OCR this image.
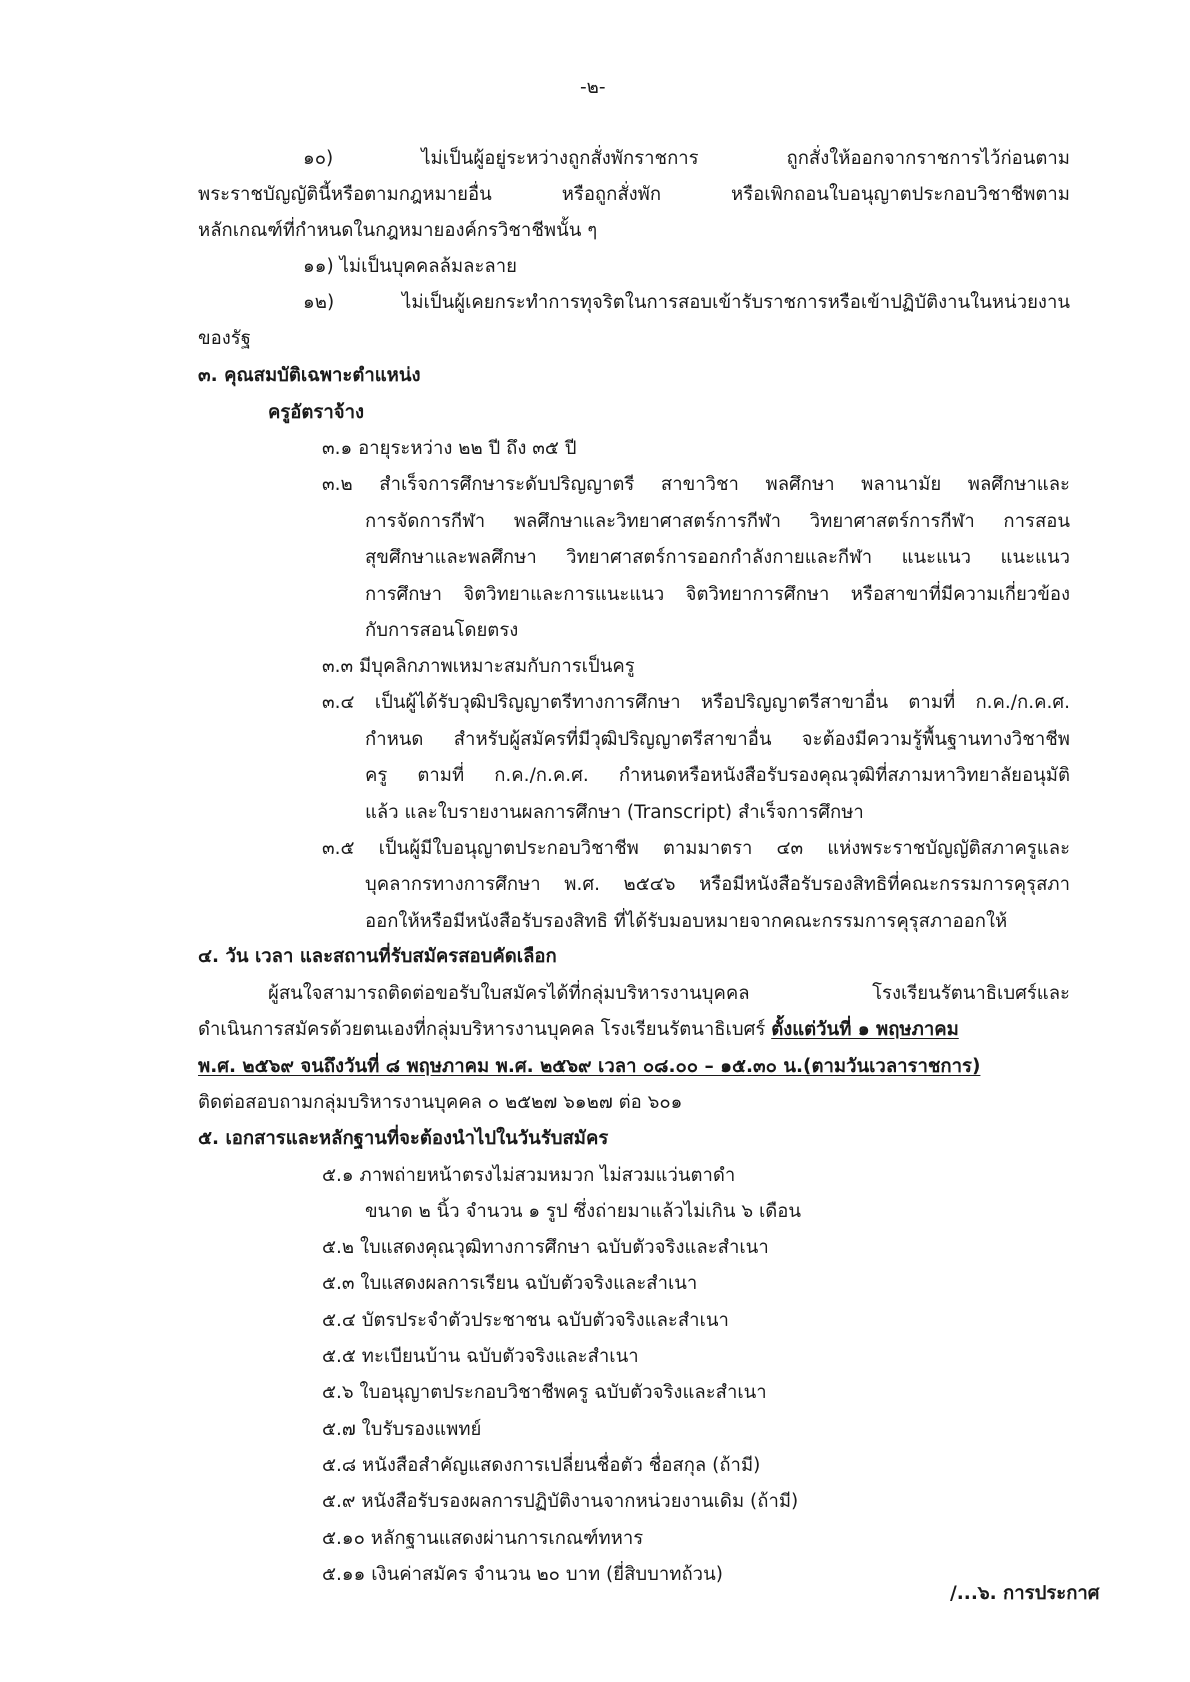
-๒-
๑๐) ไม่เป็นผู้อยู่ระหว่างถูกสั่งพักราชการ ถูกสั่งให้ออกจากราชการไว้ก่อนตาม
พระราชบัญญัตินี้หรือตามกฎหมายอื่น หรือถูกสั่งพัก หรือเพิกถอนใบอนุญาตประกอบวิชาชีพตาม
หลักเกณฑ์ที่กำหนดในกฎหมายองค์กรวิชาชีพนั้น ๆ
๑๑) ไม่เป็นบุคคลล้มละลาย
๑๒) ไม่เป็นผู้เคยกระทำการทุจริตในการสอบเข้ารับราชการหรือเข้าปฏิบัติงานในหน่วยงาน
ของรัฐ
๓. คุณสมบัติเฉพาะตำแหน่ง
ครูอัตราจ้าง
๓.๑ อายุระหว่าง ๒๒ ปี ถึง ๓๕ ปี
๓.๒ สำเร็จการศึกษาระดับปริญญาตรี สาขาวิชา พลศึกษา พลานามัย พลศึกษาและ
การจัดการกีฬา พลศึกษาและวิทยาศาสตร์การกีฬา วิทยาศาสตร์การกีฬา การสอน
สุขศึกษาและพลศึกษา วิทยาศาสตร์การออกกำลังกายและกีฬา แนะแนว แนะแนว
การศึกษา จิตวิทยาและการแนะแนว จิตวิทยาการศึกษา หรือสาขาที่มีความเกี่ยวข้อง
กับการสอนโดยตรง
๓.๓ มีบุคลิกภาพเหมาะสมกับการเป็นครู
๓.๔ เป็นผู้ได้รับวุฒิปริญญาตรีทางการศึกษา หรือปริญญาตรีสาขาอื่น ตามที่ ก.ค./ก.ค.ศ.
กำหนด สำหรับผู้สมัครที่มีวุฒิปริญญาตรีสาขาอื่น จะต้องมีความรู้พื้นฐานทางวิชาชีพ
ครู ตามที่ ก.ค./ก.ค.ศ. กำหนดหรือหนังสือรับรองคุณวุฒิที่สภามหาวิทยาลัยอนุมัติ
แล้ว และใบรายงานผลการศึกษา (Transcript) สำเร็จการศึกษา
๓.๕ เป็นผู้มีใบอนุญาตประกอบวิชาชีพ ตามมาตรา ๔๓ แห่งพระราชบัญญัติสภาครูและ
บุคลากรทางการศึกษา พ.ศ. ๒๕๔๖ หรือมีหนังสือรับรองสิทธิที่คณะกรรมการคุรุสภา
ออกให้หรือมีหนังสือรับรองสิทธิ ที่ได้รับมอบหมายจากคณะกรรมการคุรุสภาออกให้
๔. วัน เวลา และสถานที่รับสมัครสอบคัดเลือก
ผู้สนใจสามารถติดต่อขอรับใบสมัครได้ที่กลุ่มบริหารงานบุคคล โรงเรียนรัตนาธิเบศร์และ
ดำเนินการสมัครด้วยตนเองที่กลุ่มบริหารงานบุคคล โรงเรียนรัตนาธิเบศร์ ตั้งแต่วันที่ ๑ พฤษภาคม
พ.ศ. ๒๕๖๙ จนถึงวันที่ ๘ พฤษภาคม พ.ศ. ๒๕๖๙ เวลา ๐๘.๐๐ – ๑๕.๓๐ น.(ตามวันเวลาราชการ)
ติดต่อสอบถามกลุ่มบริหารงานบุคคล ๐ ๒๕๒๗ ๖๑๒๗ ต่อ ๖๐๑
๕. เอกสารและหลักฐานที่จะต้องนำไปในวันรับสมัคร
๕.๑ ภาพถ่ายหน้าตรงไม่สวมหมวก ไม่สวมแว่นตาดำ
ขนาด ๒ นิ้ว จำนวน ๑ รูป ซึ่งถ่ายมาแล้วไม่เกิน ๖ เดือน
๕.๒ ใบแสดงคุณวุฒิทางการศึกษา ฉบับตัวจริงและสำเนา
๕.๓ ใบแสดงผลการเรียน ฉบับตัวจริงและสำเนา
๕.๔ บัตรประจำตัวประชาชน ฉบับตัวจริงและสำเนา
๕.๕ ทะเบียนบ้าน ฉบับตัวจริงและสำเนา
๕.๖ ใบอนุญาตประกอบวิชาชีพครู ฉบับตัวจริงและสำเนา
๕.๗ ใบรับรองแพทย์
๕.๘ หนังสือสำคัญแสดงการเปลี่ยนชื่อตัว ชื่อสกุล (ถ้ามี)
๕.๙ หนังสือรับรองผลการปฏิบัติงานจากหน่วยงานเดิม (ถ้ามี)
๕.๑๐ หลักฐานแสดงผ่านการเกณฑ์ทหาร
๕.๑๑ เงินค่าสมัคร จำนวน ๒๐ บาท (ยี่สิบบาทถ้วน)
/...๖. การประกาศ
